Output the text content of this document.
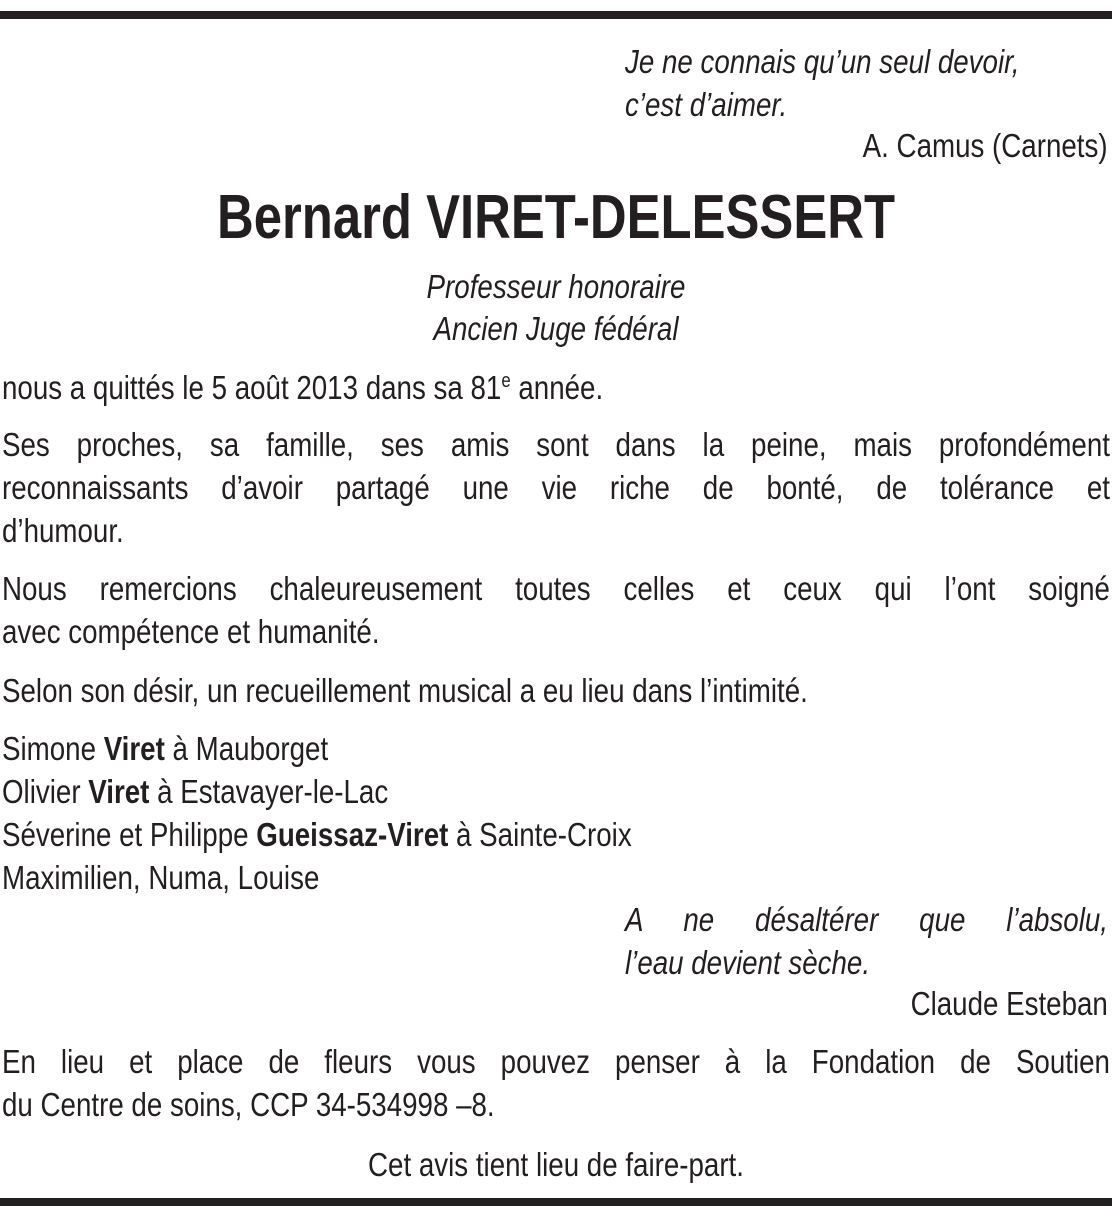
Je ne connais qu’un seul devoir,
c’est d’aimer.
A. Camus (Carnets)
Bernard VIRET-DELESSERT
Professeur honoraire
Ancien Juge fédéral
nous a quittés le 5 août 2013 dans sa 81e année.
Ses proches, sa famille, ses amis sont dans la peine, mais profondément
reconnaissants d’avoir partagé une vie riche de bonté, de tolérance et
d’humour.
Nous remercions chaleureusement toutes celles et ceux qui l’ont soigné
avec compétence et humanité.
Selon son désir, un recueillement musical a eu lieu dans l’intimité.
Simone Viret à Mauborget
Olivier Viret à Estavayer-le-Lac
Séverine et Philippe Gueissaz-Viret à Sainte-Croix
Maximilien, Numa, Louise
A ne désaltérer que l’absolu,
l’eau devient sèche.
Claude Esteban
En lieu et place de fleurs vous pouvez penser à la Fondation de Soutien
du Centre de soins, CCP 34-534998 –8.
Cet avis tient lieu de faire-part.
